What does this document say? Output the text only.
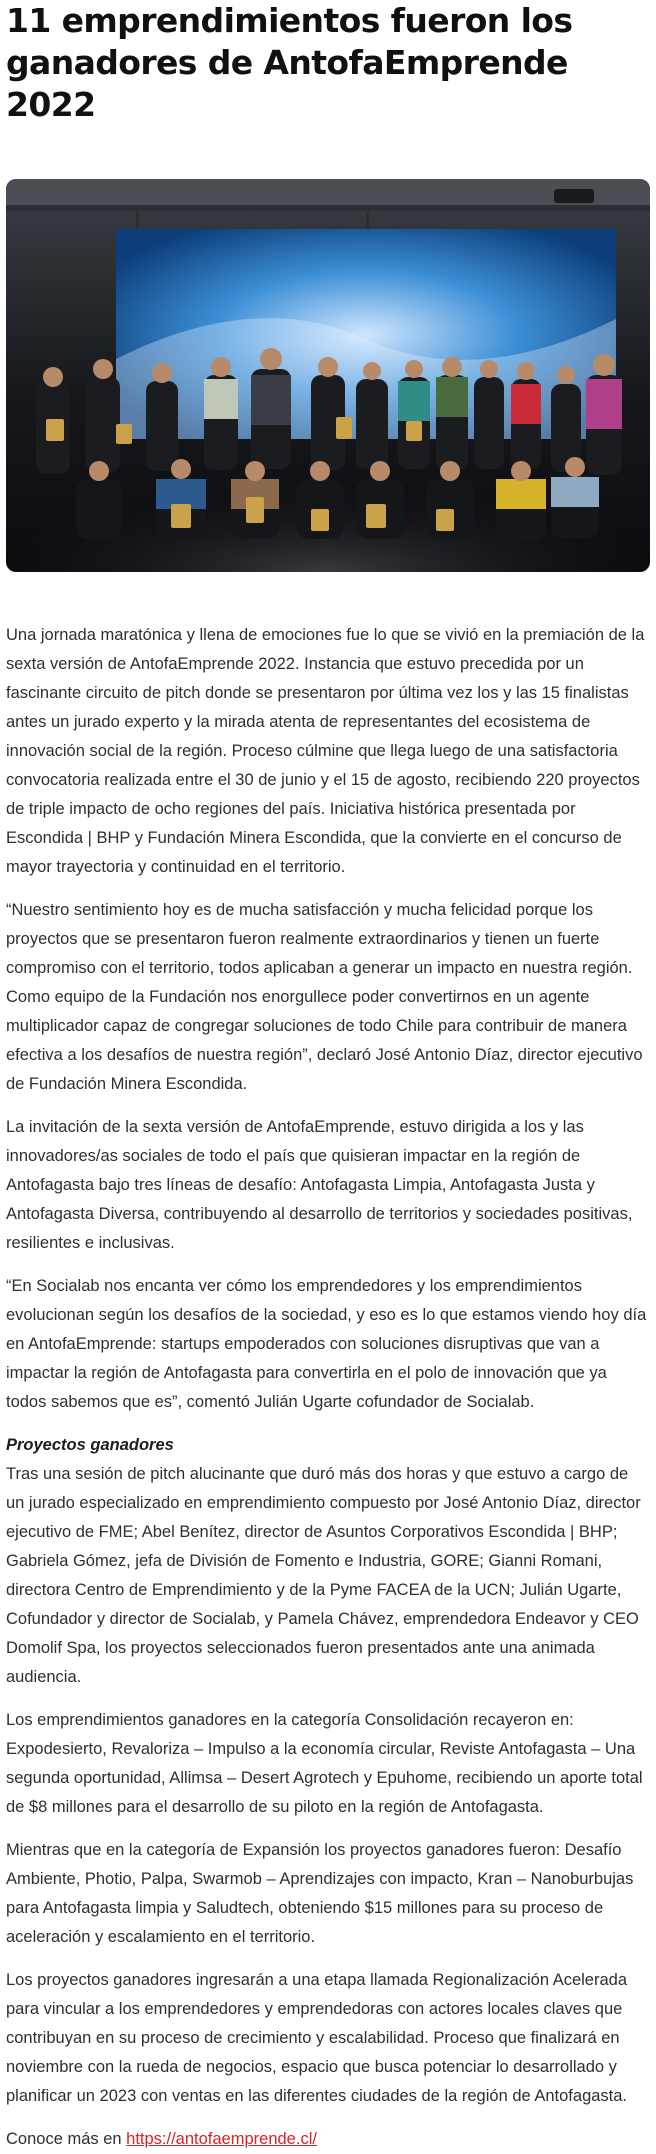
11 emprendimientos fueron los ganadores de AntofaEmprende 2022

Una jornada maratónica y llena de emociones fue lo que se vivió en la premiación de la sexta versión de AntofaEmprende 2022. Instancia que estuvo precedida por un fascinante circuito de pitch donde se presentaron por última vez los y las 15 finalistas antes un jurado experto y la mirada atenta de representantes del ecosistema de innovación social de la región. Proceso cúlmine que llega luego de una satisfactoria convocatoria realizada entre el 30 de junio y el 15 de agosto, recibiendo 220 proyectos de triple impacto de ocho regiones del país. Iniciativa histórica presentada por Escondida | BHP y Fundación Minera Escondida, que la convierte en el concurso de mayor trayectoria y continuidad en el territorio.

“Nuestro sentimiento hoy es de mucha satisfacción y mucha felicidad porque los proyectos que se presentaron fueron realmente extraordinarios y tienen un fuerte compromiso con el territorio, todos aplicaban a generar un impacto en nuestra región. Como equipo de la Fundación nos enorgullece poder convertirnos en un agente multiplicador capaz de congregar soluciones de todo Chile para contribuir de manera efectiva a los desafíos de nuestra región”, declaró José Antonio Díaz, director ejecutivo de Fundación Minera Escondida.

La invitación de la sexta versión de AntofaEmprende, estuvo dirigida a los y las innovadores/as sociales de todo el país que quisieran impactar en la región de Antofagasta bajo tres líneas de desafío: Antofagasta Limpia, Antofagasta Justa y Antofagasta Diversa, contribuyendo al desarrollo de territorios y sociedades positivas, resilientes e inclusivas.

“En Socialab nos encanta ver cómo los emprendedores y los emprendimientos evolucionan según los desafíos de la sociedad, y eso es lo que estamos viendo hoy día en AntofaEmprende: startups empoderados con soluciones disruptivas que van a impactar la región de Antofagasta para convertirla en el polo de innovación que ya todos sabemos que es”, comentó Julián Ugarte cofundador de Socialab.

Proyectos ganadores
Tras una sesión de pitch alucinante que duró más dos horas y que estuvo a cargo de un jurado especializado en emprendimiento compuesto por José Antonio Díaz, director ejecutivo de FME; Abel Benítez, director de Asuntos Corporativos Escondida | BHP; Gabriela Gómez, jefa de División de Fomento e Industria, GORE; Gianni Romani, directora Centro de Emprendimiento y de la Pyme FACEA de la UCN; Julián Ugarte, Cofundador y director de Socialab, y Pamela Chávez, emprendedora Endeavor y CEO Domolif Spa, los proyectos seleccionados fueron presentados ante una animada audiencia.

Los emprendimientos ganadores en la categoría Consolidación recayeron en: Expodesierto, Revaloriza – Impulso a la economía circular, Reviste Antofagasta – Una segunda oportunidad, Allimsa – Desert Agrotech y Epuhome, recibiendo un aporte total de $8 millones para el desarrollo de su piloto en la región de Antofagasta.

Mientras que en la categoría de Expansión los proyectos ganadores fueron: Desafío Ambiente, Photio, Palpa, Swarmob – Aprendizajes con impacto, Kran – Nanoburbujas para Antofagasta limpia y Saludtech, obteniendo $15 millones para su proceso de aceleración y escalamiento en el territorio.

Los proyectos ganadores ingresarán a una etapa llamada Regionalización Acelerada para vincular a los emprendedores y emprendedoras con actores locales claves que contribuyan en su proceso de crecimiento y escalabilidad. Proceso que finalizará en noviembre con la rueda de negocios, espacio que busca potenciar lo desarrollado y planificar un 2023 con ventas en las diferentes ciudades de la región de Antofagasta.

Conoce más en https://antofaemprende.cl/
